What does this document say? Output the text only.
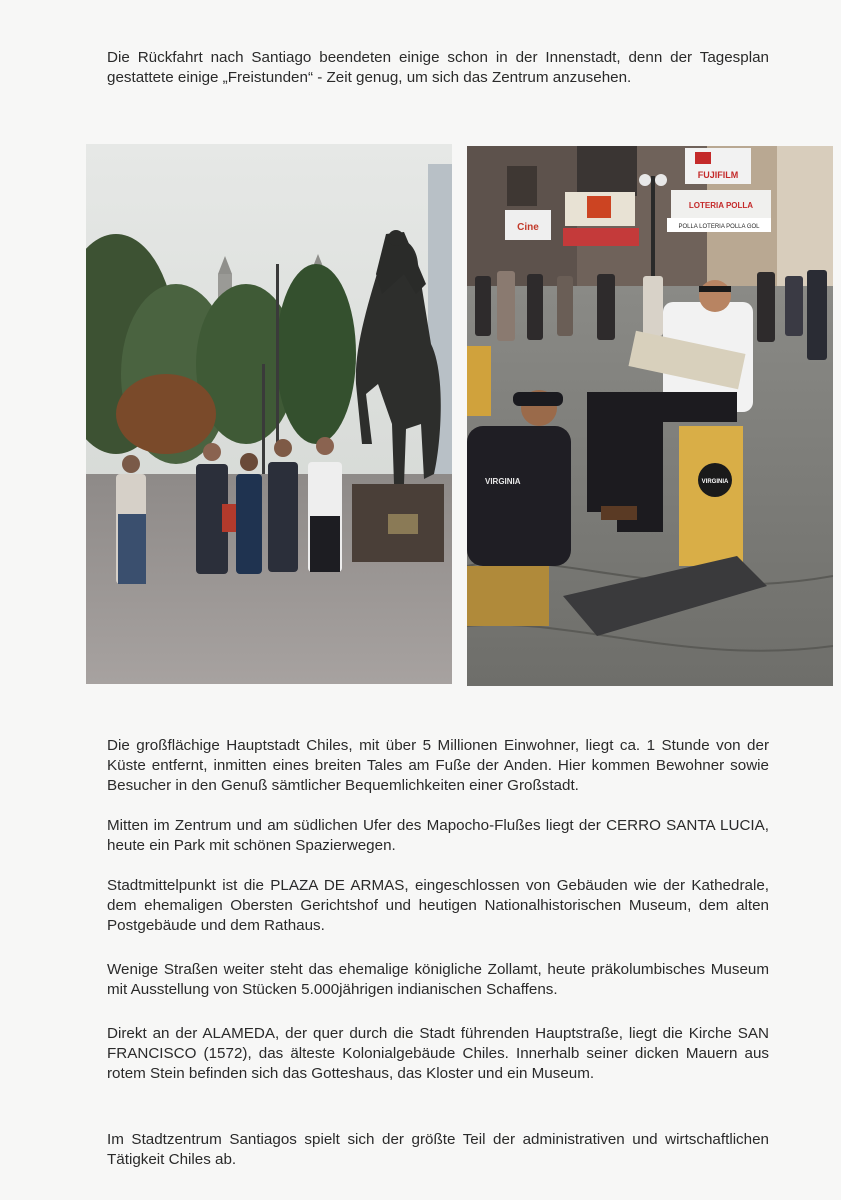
Die Rückfahrt nach Santiago beendeten einige schon in der Innenstadt, denn der Tagesplan gestattete einige „Freistunden“ - Zeit genug, um sich das Zentrum anzusehen.

FUJIFILM
Cine
LOTERIA POLLA
POLLA LOTERIA POLLA GOL
VIRGINIA
VIRGINIA

Die großflächige Hauptstadt Chiles, mit über 5 Millionen Einwohner, liegt ca. 1 Stunde von der Küste entfernt, inmitten eines breiten Tales am Fuße der Anden. Hier kommen Bewohner sowie Besucher in den Genuß sämtlicher Bequemlichkeiten einer Großstadt.

Mitten im Zentrum und am südlichen Ufer des Mapocho-Flußes liegt der CERRO SANTA LUCIA, heute ein Park mit schönen Spazierwegen.

Stadtmittelpunkt ist die PLAZA DE ARMAS, eingeschlossen von Gebäuden wie der Kathedrale, dem ehemaligen Obersten Gerichtshof und heutigen Nationalhistorischen Museum, dem alten Postgebäude und dem Rathaus.

Wenige Straßen weiter steht das ehemalige königliche Zollamt, heute präkolumbisches Museum mit Ausstellung von Stücken 5.000jährigen indianischen Schaffens.

Direkt an der ALAMEDA, der quer durch die Stadt führenden Hauptstraße, liegt die Kirche SAN FRANCISCO (1572), das älteste Kolonialgebäude Chiles. Innerhalb seiner dicken Mauern aus rotem Stein befinden sich das Gotteshaus, das Kloster und ein Museum.

Im Stadtzentrum Santiagos spielt sich der größte Teil der administrativen und wirtschaftlichen Tätigkeit Chiles ab.
